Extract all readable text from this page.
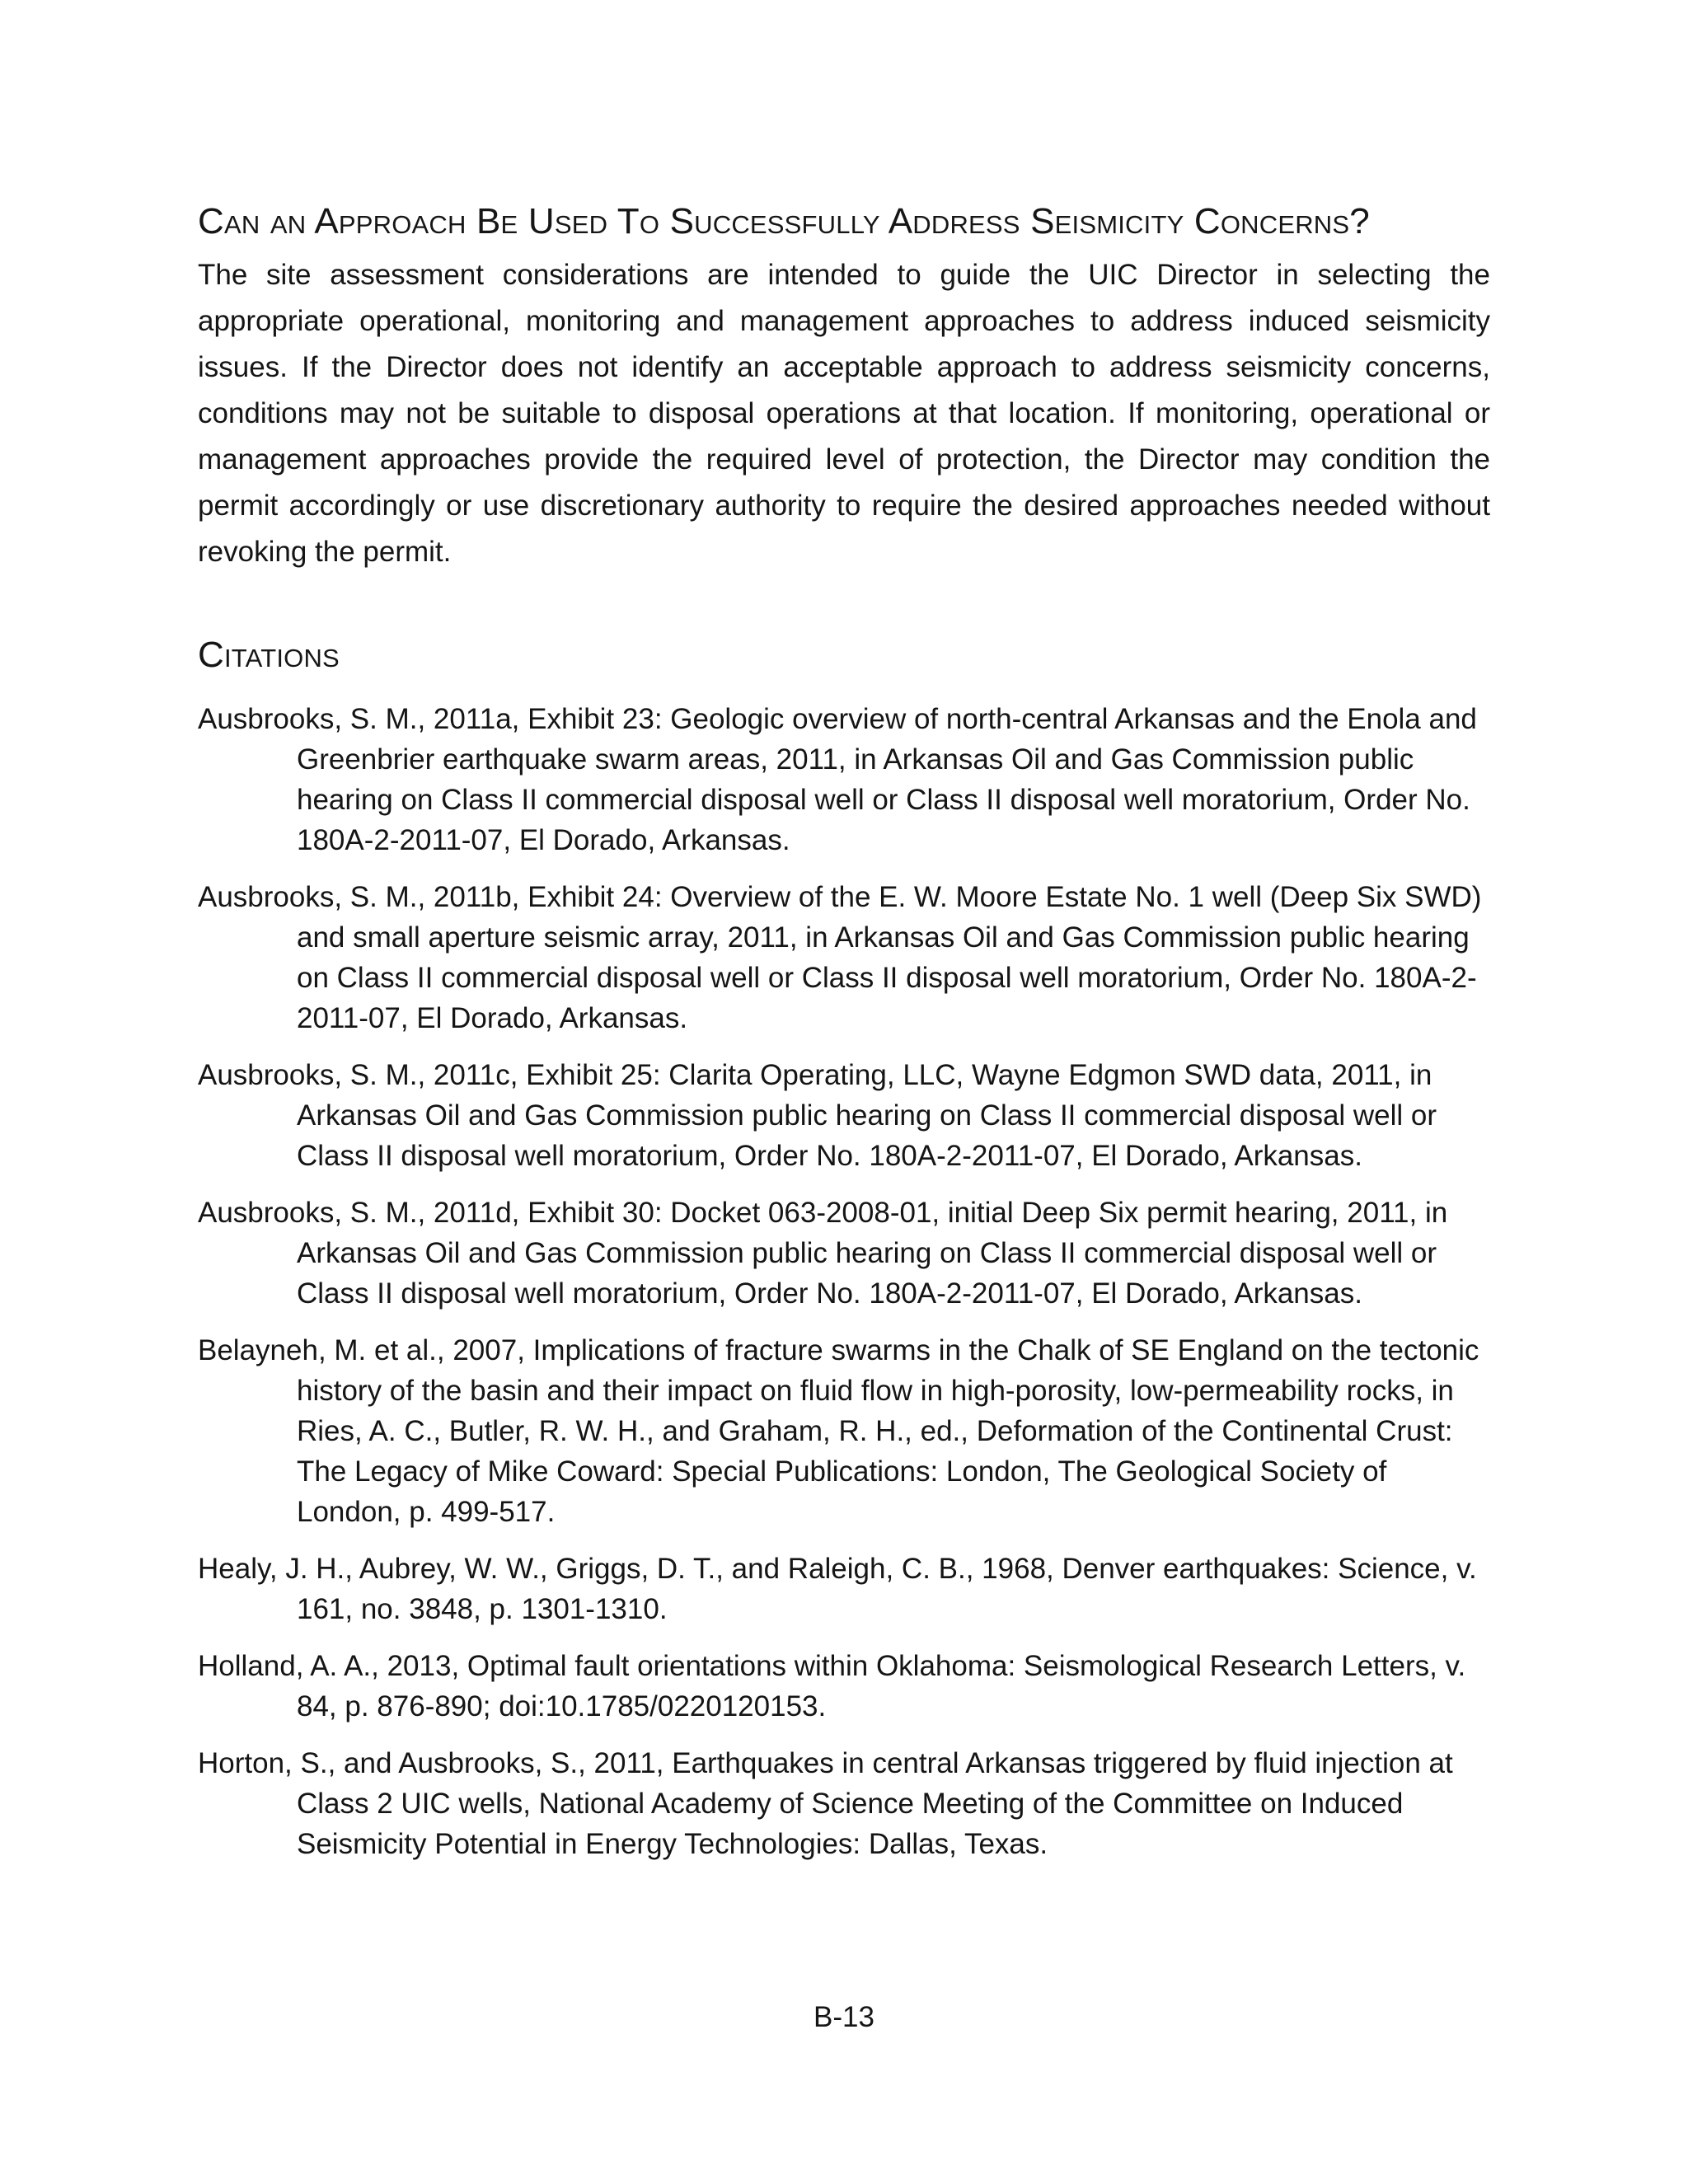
Can an Approach Be Used To Successfully Address Seismicity Concerns?

The site assessment considerations are intended to guide the UIC Director in selecting the appropriate operational, monitoring and management approaches to address induced seismicity issues. If the Director does not identify an acceptable approach to address seismicity concerns, conditions may not be suitable to disposal operations at that location. If monitoring, operational or management approaches provide the required level of protection, the Director may condition the permit accordingly or use discretionary authority to require the desired approaches needed without revoking the permit.

Citations
Ausbrooks, S. M., 2011a, Exhibit 23: Geologic overview of north-central Arkansas and the Enola and Greenbrier earthquake swarm areas, 2011, in Arkansas Oil and Gas Commission public hearing on Class II commercial disposal well or Class II disposal well moratorium, Order No. 180A-2-2011-07, El Dorado, Arkansas.
Ausbrooks, S. M., 2011b, Exhibit 24: Overview of the E. W. Moore Estate No. 1 well (Deep Six SWD) and small aperture seismic array, 2011, in Arkansas Oil and Gas Commission public hearing on Class II commercial disposal well or Class II disposal well moratorium, Order No. 180A-2-2011-07, El Dorado, Arkansas.
Ausbrooks, S. M., 2011c, Exhibit 25: Clarita Operating, LLC, Wayne Edgmon SWD data, 2011, in Arkansas Oil and Gas Commission public hearing on Class II commercial disposal well or Class II disposal well moratorium, Order No. 180A-2-2011-07, El Dorado, Arkansas.
Ausbrooks, S. M., 2011d, Exhibit 30: Docket 063-2008-01, initial Deep Six permit hearing, 2011, in Arkansas Oil and Gas Commission public hearing on Class II commercial disposal well or Class II disposal well moratorium, Order No. 180A-2-2011-07, El Dorado, Arkansas.
Belayneh, M. et al., 2007, Implications of fracture swarms in the Chalk of SE England on the tectonic history of the basin and their impact on fluid flow in high-porosity, low-permeability rocks, in Ries, A. C., Butler, R. W. H., and Graham, R. H., ed., Deformation of the Continental Crust: The Legacy of Mike Coward: Special Publications: London, The Geological Society of London, p. 499-517.
Healy, J. H., Aubrey, W. W., Griggs, D. T., and Raleigh, C. B., 1968, Denver earthquakes: Science, v. 161, no. 3848, p. 1301-1310.
Holland, A. A., 2013, Optimal fault orientations within Oklahoma: Seismological Research Letters, v. 84, p. 876-890; doi:10.1785/0220120153.
Horton, S., and Ausbrooks, S., 2011, Earthquakes in central Arkansas triggered by fluid injection at Class 2 UIC wells, National Academy of Science Meeting of the Committee on Induced Seismicity Potential in Energy Technologies: Dallas, Texas.
B-13
